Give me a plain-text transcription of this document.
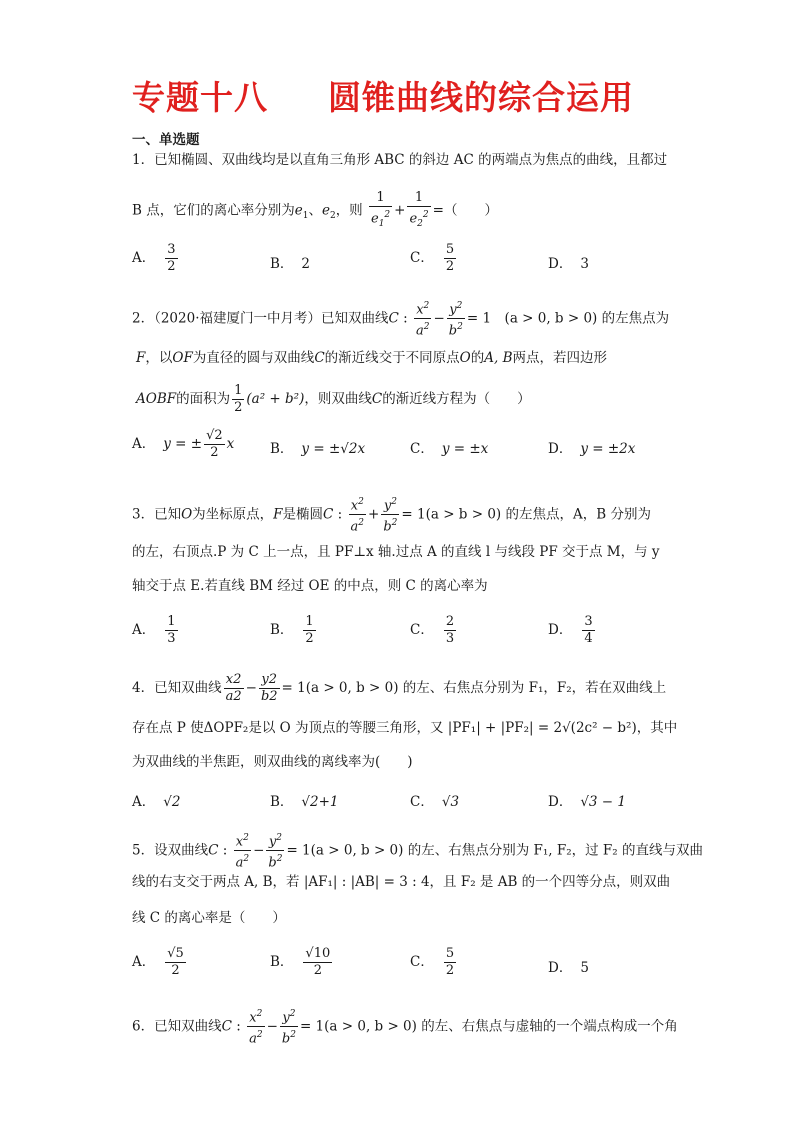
专题十八 圆锥曲线的综合运用
一、单选题
1．已知椭圆、双曲线均是以直角三角形 ABC 的斜边 AC 的两端点为焦点的曲线，且都过
B 点，它们的离心率分别为$e_1$、$e_2$，则 $\frac{1}{e_1^2} + \frac{1}{e_2^2}$ =（　　）
A． $\frac{3}{2}$	B． 2	C． $\frac{5}{2}$	D． 3
2．（2020·福建厦门一中月考）已知双曲线C : $\frac{x^2}{a^2} - \frac{y^2}{b^2} = 1$　(a > 0, b > 0) 的左焦点为
F，以OF为直径的圆与双曲线C的渐近线交于不同原点O的A, B两点，若四边形
AOBF的面积为 $\frac{1}{2} (a^2 + b^2)$，则双曲线C的渐近线方程为（　　）
A． y = ± $\frac{√2}{2}$ x	B． y = ±√2x	C． y = ±x	D． y = ±2x
3．已知O为坐标原点，F是椭圆C : $\frac{x^2}{a^2} + \frac{y^2}{b^2} = 1(a > b > 0)$ 的左焦点，A，B 分别为
的左，右顶点.P 为 C 上一点，且 PF⊥x 轴.过点 A 的直线 l 与线段 PF 交于点 M，与 y
轴交于点 E.若直线 BM 经过 OE 的中点，则 C 的离心率为
A． $\frac{1}{3}$	B． $\frac{1}{2}$	C． $\frac{2}{3}$	D． $\frac{3}{4}$
4．已知双曲线 $\frac{x2}{a2} - \frac{y2}{b2} = 1(a > 0$, b > 0) 的左、右焦点分别为 F₁，F₂，若在双曲线上
存在点 P 使ΔOPF₂是以 O 为顶点的等腰三角形，又 |PF₁| + |PF₂| = 2√(2c² − b²)，其中
为双曲线的半焦距，则双曲线的离线率为(　　)
A． √2	B． √2+1	C． √3	D． √3 − 1
5．设双曲线C : $\frac{x^2}{a^2} - \frac{y^2}{b^2} = 1(a > 0$, b > 0) 的左、右焦点分别为 F₁, F₂，过 F₂ 的直线与双曲
线的右支交于两点 A, B，若 |AF₁| : |AB| = 3 : 4，且 F₂ 是 AB 的一个四等分点，则双曲
线 C 的离心率是（　　）
A． $\frac{√5}{2}$	B． $\frac{√10}{2}$	C． $\frac{5}{2}$	D． 5
6．已知双曲线C : $\frac{x^2}{a^2} - \frac{y^2}{b^2} = 1(a > 0$, b > 0) 的左、右焦点与虚轴的一个端点构成一个角
